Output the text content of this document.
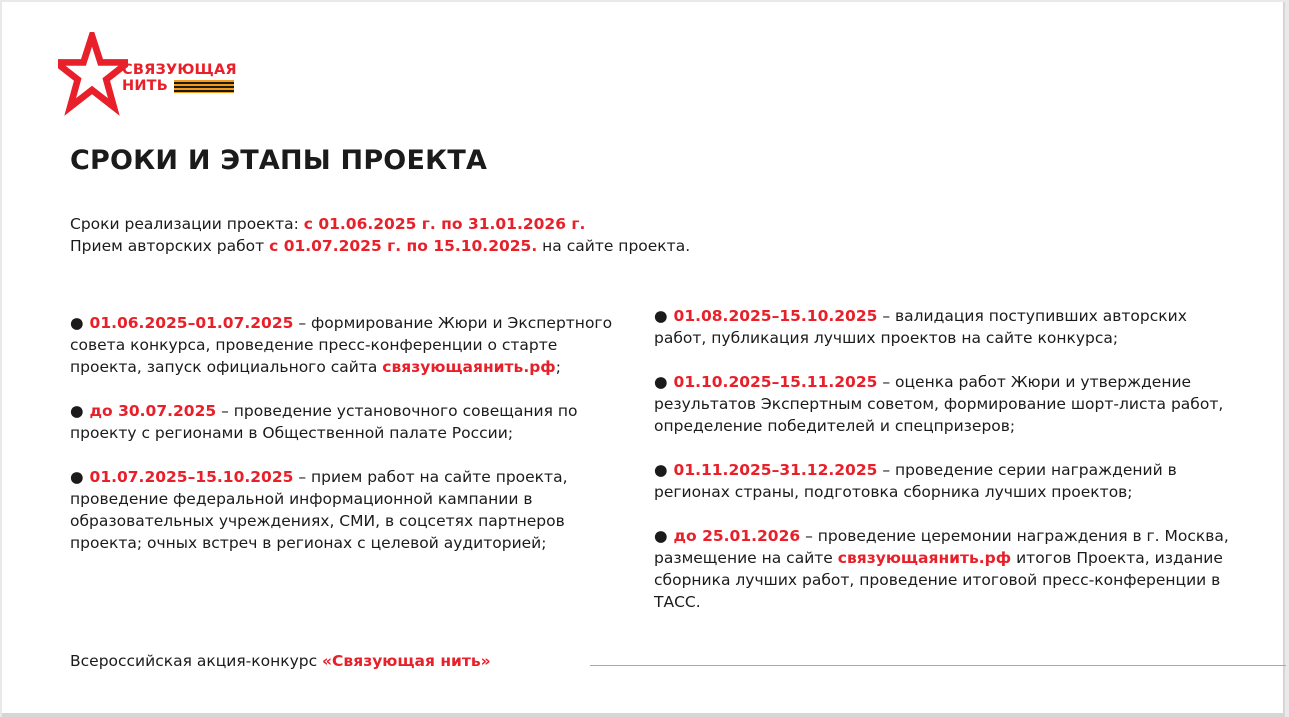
СВЯЗУЮЩАЯ
НИТЬ
СРОКИ И ЭТАПЫ ПРОЕКТА
Сроки реализации проекта: с 01.06.2025 г. по 31.01.2026 г.
Прием авторских работ с 01.07.2025 г. по 15.10.2025. на сайте проекта.

● 01.06.2025–01.07.2025 – формирование Жюри и Экспертного совета конкурса, проведение пресс-конференции о старте проекта, запуск официального сайта связующаянить.рф;

● до 30.07.2025 – проведение установочного совещания по проекту с регионами в Общественной палате России;

● 01.07.2025–15.10.2025 – прием работ на сайте проекта, проведение федеральной информационной кампании в образовательных учреждениях, СМИ, в соцсетях партнеров проекта; очных встреч в регионах с целевой аудиторией;

● 01.08.2025–15.10.2025 – валидация поступивших авторских работ, публикация лучших проектов на сайте конкурса;

● 01.10.2025–15.11.2025 – оценка работ Жюри и утверждение результатов Экспертным советом, формирование шорт-листа работ, определение победителей и спецпризеров;

● 01.11.2025–31.12.2025 – проведение серии награждений в регионах страны, подготовка сборника лучших проектов;

● до 25.01.2026 – проведение церемонии награждения в г. Москва, размещение на сайте связующаянить.рф итогов Проекта, издание сборника лучших работ, проведение итоговой пресс-конференции в ТАСС.

Всероссийская акция-конкурс «Связующая нить»
